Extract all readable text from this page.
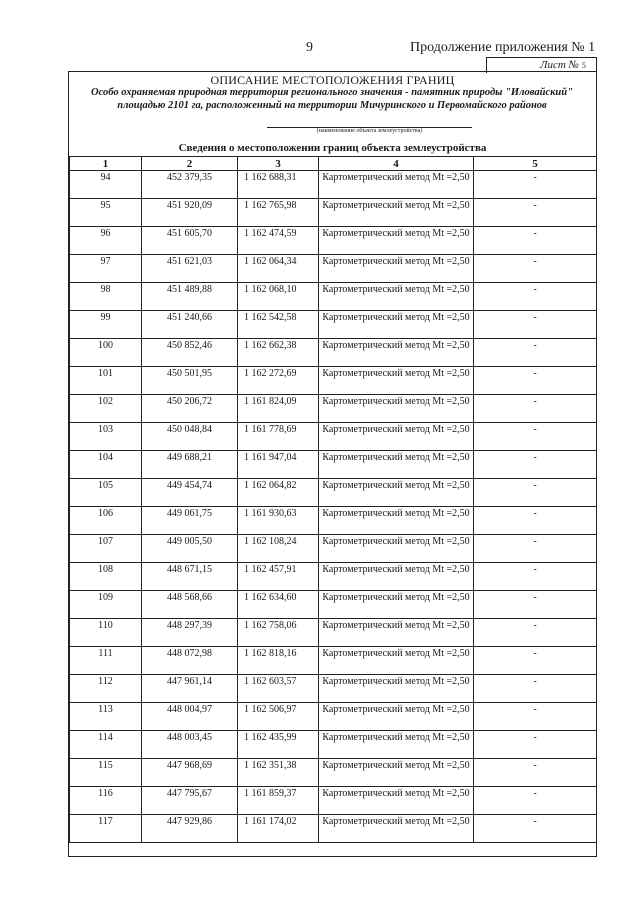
9	Продолжение приложения № 1
Лист № 5
ОПИСАНИЕ МЕСТОПОЛОЖЕНИЯ ГРАНИЦ
Особо охраняемая природная территория регионального значения - памятник природы "Иловайский" площадью 2101 га, расположенный на территории Мичуринского и Первомайского районов
(наименование объекта землеустройства)
Сведения о местоположении границ объекта землеустройства
1	2	3	4	5

94	452 379,35	1 162 688,31	Картометрический метод Mt =2,50	-

95	451 920,09	1 162 765,98	Картометрический метод Mt =2,50	-

96	451 605,70	1 162 474,59	Картометрический метод Mt =2,50	-

97	451 621,03	1 162 064,34	Картометрический метод Mt =2,50	-

98	451 489,88	1 162 068,10	Картометрический метод Mt =2,50	-

99	451 240,66	1 162 542,58	Картометрический метод Mt =2,50	-

100	450 852,46	1 162 662,38	Картометрический метод Mt =2,50	-

101	450 501,95	1 162 272,69	Картометрический метод Mt =2,50	-

102	450 206,72	1 161 824,09	Картометрический метод Mt =2,50	-

103	450 048,84	1 161 778,69	Картометрический метод Mt =2,50	-

104	449 688,21	1 161 947,04	Картометрический метод Mt =2,50	-

105	449 454,74	1 162 064,82	Картометрический метод Mt =2,50	-

106	449 061,75	1 161 930,63	Картометрический метод Mt =2,50	-

107	449 005,50	1 162 108,24	Картометрический метод Mt =2,50	-

108	448 671,15	1 162 457,91	Картометрический метод Mt =2,50	-

109	448 568,66	1 162 634,60	Картометрический метод Mt =2,50	-

110	448 297,39	1 162 758,06	Картометрический метод Mt =2,50	-

111	448 072,98	1 162 818,16	Картометрический метод Mt =2,50	-

112	447 961,14	1 162 603,57	Картометрический метод Mt =2,50	-

113	448 004,97	1 162 506,97	Картометрический метод Mt =2,50	-

114	448 003,45	1 162 435,99	Картометрический метод Mt =2,50	-

115	447 968,69	1 162 351,38	Картометрический метод Mt =2,50	-

116	447 795,67	1 161 859,37	Картометрический метод Mt =2,50	-

117	447 929,86	1 161 174,02	Картометрический метод Mt =2,50	-
